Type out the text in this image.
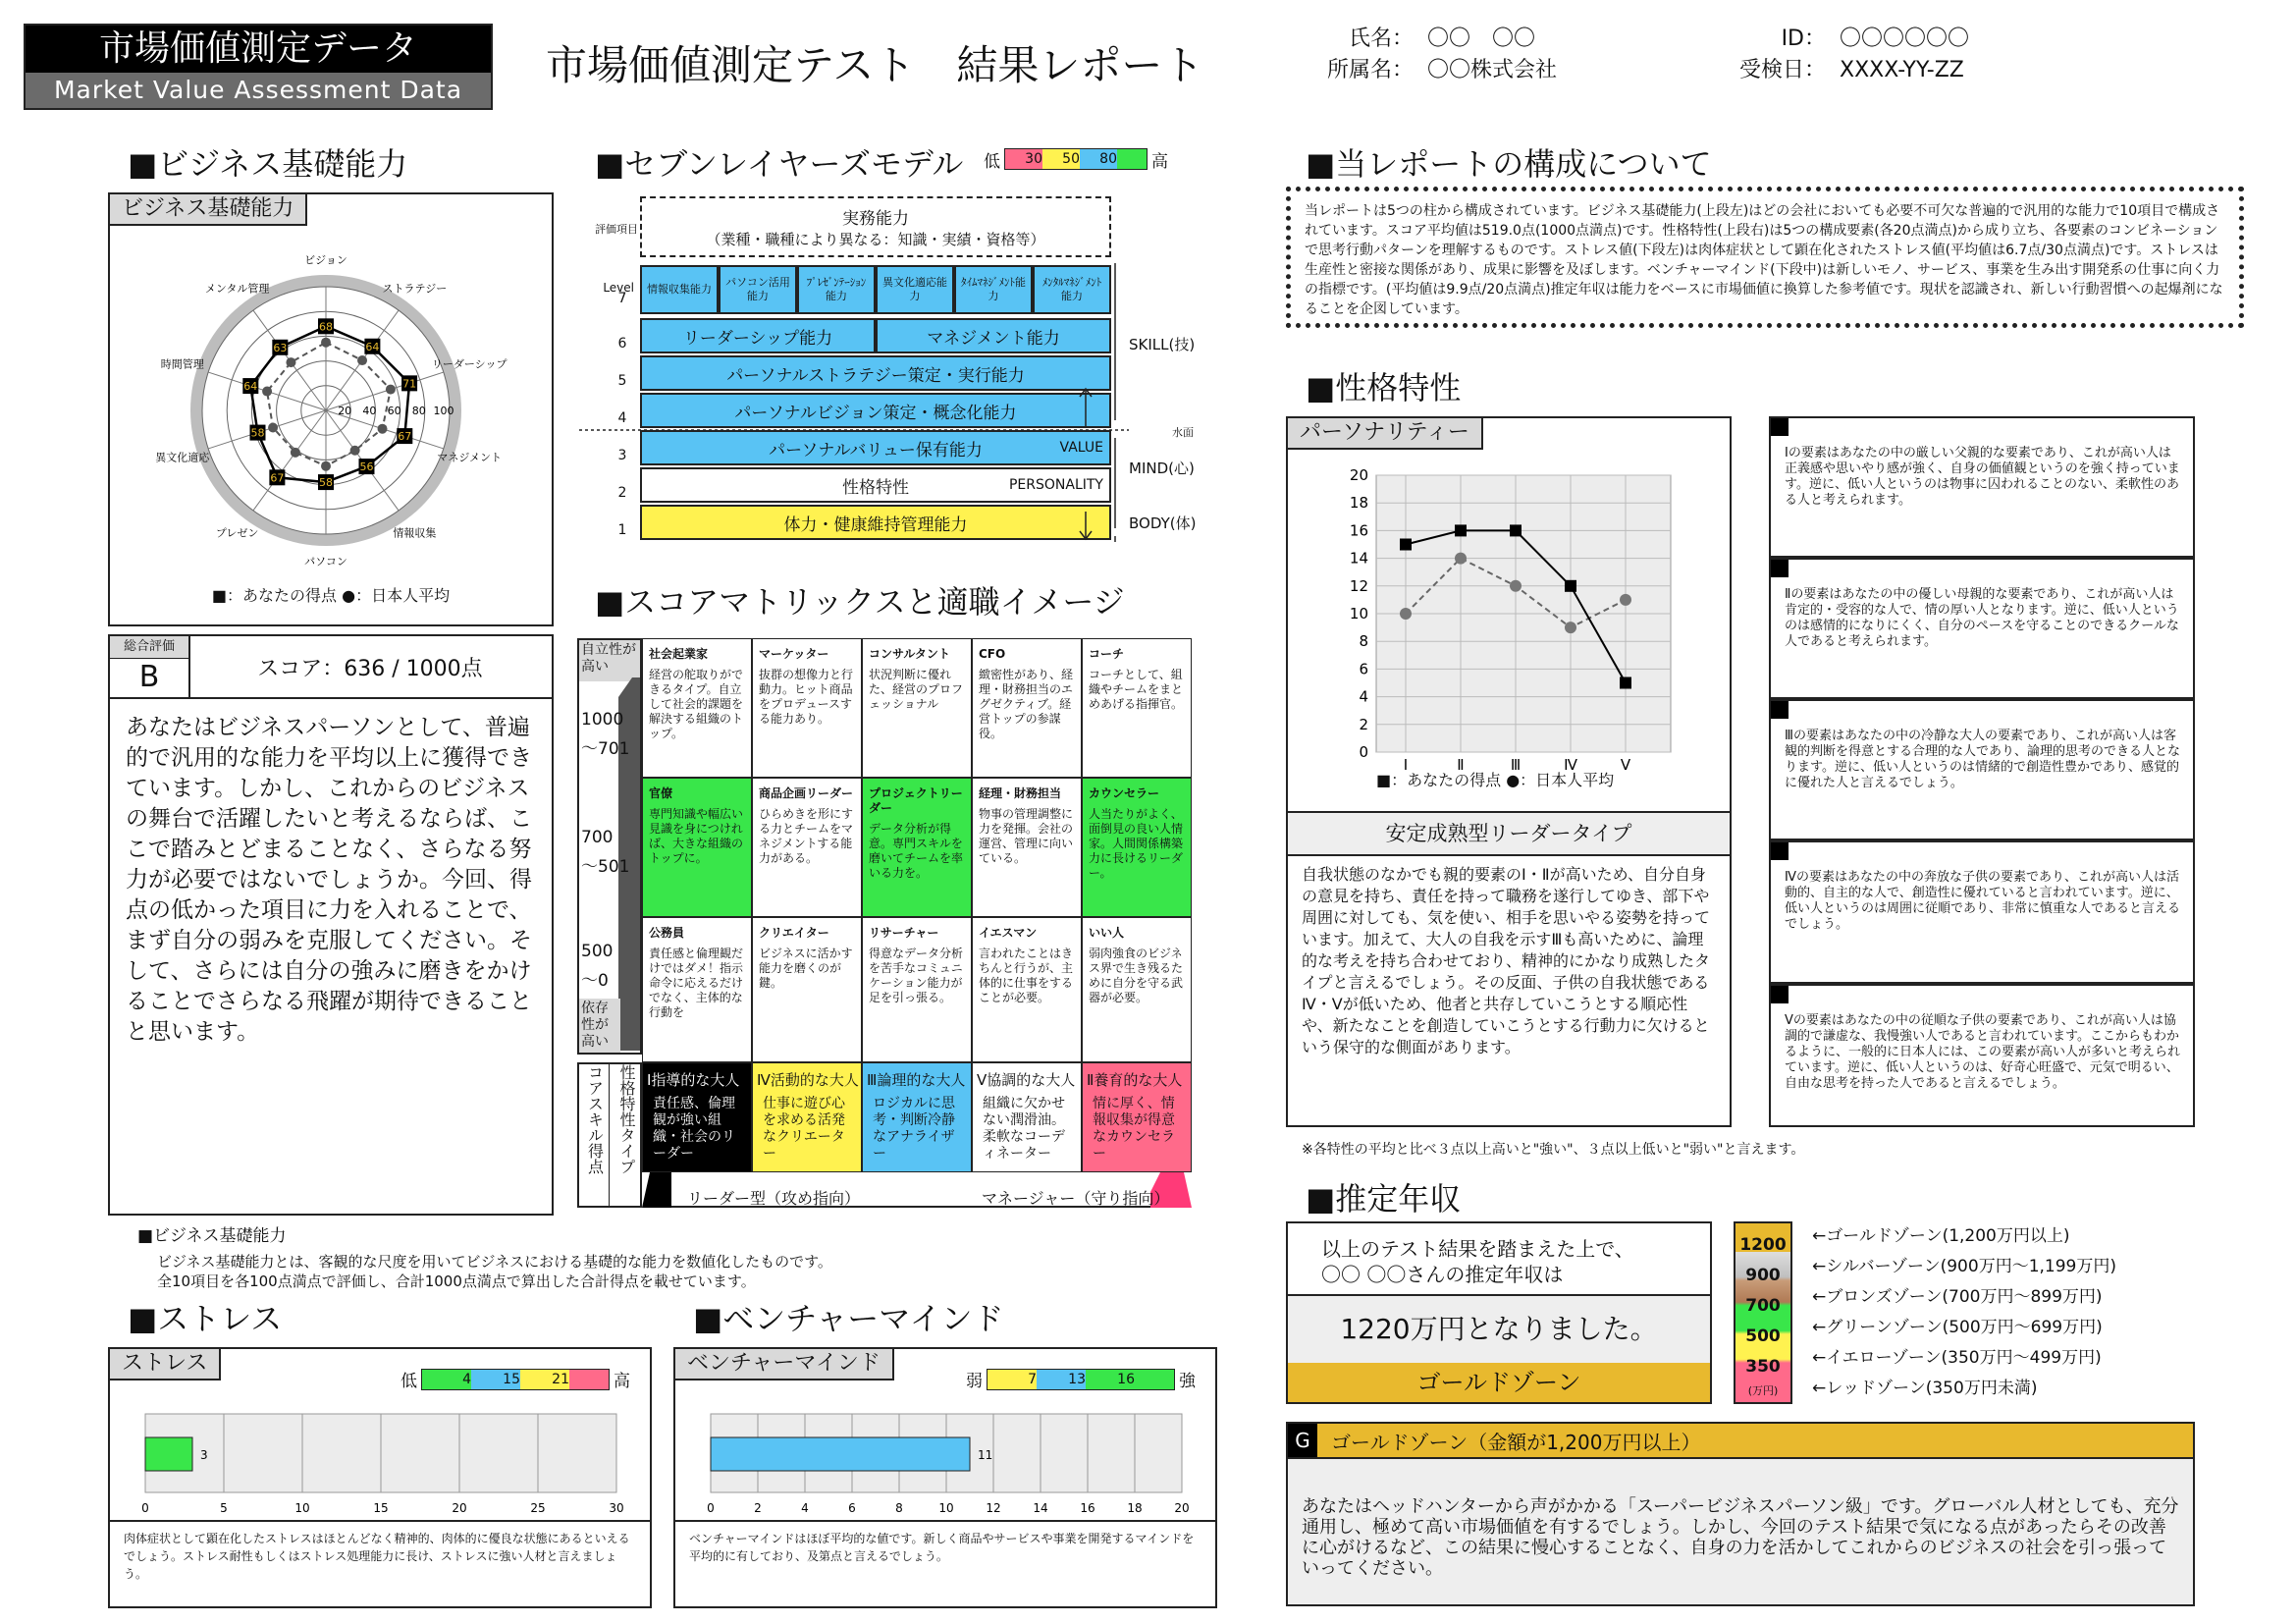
市場価値測定データ
Market Value Assessment Data
市場価値測定テスト　結果レポート
氏名： 〇〇　〇〇
所属名： 〇〇株式会社
ID： 〇〇〇〇〇〇
受検日： XXXX-YY-ZZ
■ビジネス基礎能力
ビジネス基礎能力
20 40 60 80 100
68
64
71
67
56
58
67
58
64
63
ビジョン
ストラテジー
リーダーシップ
マネジメント
情報収集
パソコン
プレゼン
異文化適応
時間管理
メンタル管理
■：あなたの得点 ●：日本人平均
総合評価
B	スコア：636 / 1000点
あなたはビジネスパーソンとして、普遍的で汎用的な能力を平均以上に獲得できています。しかし、これからのビジネスの舞台で活躍したいと考えるならば、ここで踏みとどまることなく、さらなる努力が必要ではないでしょうか。今回、得点の低かった項目に力を入れることで、まず自分の弱みを克服してください。そして、さらには自分の強みに磨きをかけることでさらなる飛躍が期待できることと思います。
■ビジネス基礎能力
ビジネス基礎能力とは、客観的な尺度を用いてビジネスにおける基礎的な能力を数値化したものです。
全10項目を各100点満点で評価し、合計1000点満点で算出した合計得点を載せています。
■セブンレイヤーズモデル 低	30	50	80 高
実務能力
（業種・職種により異なる：知識・実績・資格等）
評価項目
Level
7
6
5
4
3
2
1
情報収集能力
パソコン活用能力
ﾌﾟﾚｾﾞﾝﾃｰｼｮﾝ能力
異文化適応能力
ﾀｲﾑﾏﾈｼﾞﾒﾝﾄ能力
ﾒﾝﾀﾙﾏﾈｼﾞﾒﾝﾄ能力
リーダーシップ能力	マネジメント能力
パーソナルストラテジー策定・実行能力
パーソナルビジョン策定・概念化能力
パーソナルバリュー保有能力	VALUE
性格特性	PERSONALITY
体力・健康維持管理能力
SKILL(技)
水面
MIND(心)
BODY(体)
■スコアマトリックスと適職イメージ
自立性が高い
1000
～701
700
～501
500
～0
依存性が高い
社会起業家
経営の舵取りができるタイプ。自立して社会的課題を解決する組織のトップ。
マーケッター
抜群の想像力と行動力。ヒット商品をプロデュースする能力あり。
コンサルタント
状況判断に優れた、経営のプロフェッショナル
CFO
緻密性があり、経理・財務担当のエグゼクティブ。経営トップの参謀役。
コーチ
コーチとして、組織やチームをまとめあげる指揮官。
官僚
専門知識や幅広い見識を身につければ、大きな組織のトップに。
商品企画リーダー
ひらめきを形にする力とチームをマネジメントする能力がある。
プロジェクトリーダー
データ分析が得意。専門スキルを磨いてチームを率いる力を。
経理・財務担当
物事の管理調整に力を発揮。会社の運営、管理に向いている。
カウンセラー
人当たりがよく、面倒見の良い人情家。人間関係構築力に長けるリーダー。
公務員
責任感と倫理観だけではダメ！指示命令に応えるだけでなく、主体的な行動を
クリエイター
ビジネスに活かす能力を磨くのが鍵。
リサーチャー
得意なデータ分析を苦手なコミュニケーション能力が足を引っ張る。
イエスマン
言われたことはきちんと行うが、主体的に仕事をすることが必要。
いい人
弱肉強食のビジネス界で生き残るために自分を守る武器が必要。
コアスキル得点 性格特性タイプ Ⅰ指導的な大人
責任感、倫理観が強い組織・社会のリーダー
Ⅳ活動的な大人
仕事に遊び心を求める活発なクリエーター
Ⅲ論理的な大人
ロジカルに思考・判断冷静なアナライザー
Ⅴ協調的な大人
組織に欠かせない潤滑油。柔軟なコーディネーター
Ⅱ養育的な大人
情に厚く、情報収集が得意なカウンセラー
リーダー型（攻め指向）	マネージャー（守り指向）
■当レポートの構成について
当レポートは5つの柱から構成されています。ビジネス基礎能力(上段左)はどの会社においても必要不可欠な普遍的で汎用的な能力で10項目で構成されています。スコア平均値は519.0点(1000点満点)です。性格特性(上段右)は5つの構成要素(各20点満点)から成り立ち、各要素のコンビネーションで思考行動パターンを理解するものです。ストレス値(下段左)は肉体症状として顕在化されたストレス値(平均値は6.7点/30点満点)です。ストレスは生産性と密接な関係があり、成果に影響を及ぼします。ベンチャーマインド(下段中)は新しいモノ、サービス、事業を生み出す開発系の仕事に向く力の指標です。(平均値は9.9点/20点満点)推定年収は能力をベースに市場価値に換算した参考値です。現状を認識され、新しい行動習慣への起爆剤になることを企図しています。
■性格特性
パーソナリティー
0
2
4
6
8
10
12
14
16
18
20
Ⅰ	Ⅱ	Ⅲ	Ⅳ	Ⅴ
■：あなたの得点 ●：日本人平均
安定成熟型リーダータイプ
自我状態のなかでも親的要素のⅠ・Ⅱが高いため、自分自身の意見を持ち、責任を持って職務を遂行してゆき、部下や周囲に対しても、気を使い、相手を思いやる姿勢を持っています。加えて、大人の自我を示すⅢも高いために、論理的な考えを持ち合わせており、精神的にかなり成熟したタイプと言えるでしょう。その反面、子供の自我状態であるⅣ・Ⅴが低いため、他者と共存していこうとする順応性や、新たなことを創造していこうとする行動力に欠けるという保守的な側面があります。
Ⅰの要素はあなたの中の厳しい父親的な要素であり、これが高い人は正義感や思いやり感が強く、自身の価値観というのを強く持っています。逆に、低い人というのは物事に囚われることのない、柔軟性のある人と考えられます。
Ⅱの要素はあなたの中の優しい母親的な要素であり、これが高い人は肯定的・受容的な人で、情の厚い人となります。逆に、低い人というのは感情的になりにくく、自分のペースを守ることのできるクールな人であると考えられます。
Ⅲの要素はあなたの中の冷静な大人の要素であり、これが高い人は客観的判断を得意とする合理的な人であり、論理的思考のできる人となります。逆に、低い人というのは情緒的で創造性豊かであり、感覚的に優れた人と言えるでしょう。
Ⅳの要素はあなたの中の奔放な子供の要素であり、これが高い人は活動的、自主的な人で、創造性に優れていると言われています。逆に、低い人というのは周囲に従順であり、非常に慎重な人であると言えるでしょう。
Ⅴの要素はあなたの中の従順な子供の要素であり、これが高い人は協調的で謙虚な、我慢強い人であると言われています。ここからもわかるように、一般的に日本人には、この要素が高い人が多いと考えられています。逆に、低い人というのは、好奇心旺盛で、元気で明るい、自由な思考を持った人であると言えるでしょう。
※各特性の平均と比べ３点以上高いと"強い"、３点以上低いと"弱い"と言えます。
■推定年収
以上のテスト結果を踏まえた上で、
〇〇 〇〇さんの推定年収は
1220万円となりました。
ゴールドゾーン
1200
900
700
500
350
(万円)
←ゴールドゾーン(1,200万円以上)
←シルバーゾーン(900万円～1,199万円)
←ブロンズゾーン(700万円～899万円)
←グリーンゾーン(500万円～699万円)
←イエローゾーン(350万円～499万円)
←レッドゾーン(350万円未満)
G	ゴールドゾーン（金額が1,200万円以上）
あなたはヘッドハンターから声がかかる「スーパービジネスパーソン級」です。グローバル人材としても、充分通用し、極めて高い市場価値を有するでしょう。しかし、今回のテスト結果で気になる点があったらその改善に心がけるなど、この結果に慢心することなく、自身の力を活かしてこれからのビジネスの社会を引っ張っていってください。
■ストレス
ストレス
低	4	15	21	高
0	5	10	15	20	25	30
3
肉体症状として顕在化したストレスはほとんどなく精神的、肉体的に優良な状態にあるといえるでしょう。ストレス耐性もしくはストレス処理能力に長け、ストレスに強い人材と言えましょう。
■ベンチャーマインド
ベンチャーマインド
弱	7	13	16	強
0	2	4	6	8	10	12	14	16	18	20
11
ベンチャーマインドはほぼ平均的な値です。新しく商品やサービスや事業を開発するマインドを平均的に有しており、及第点と言えるでしょう。
